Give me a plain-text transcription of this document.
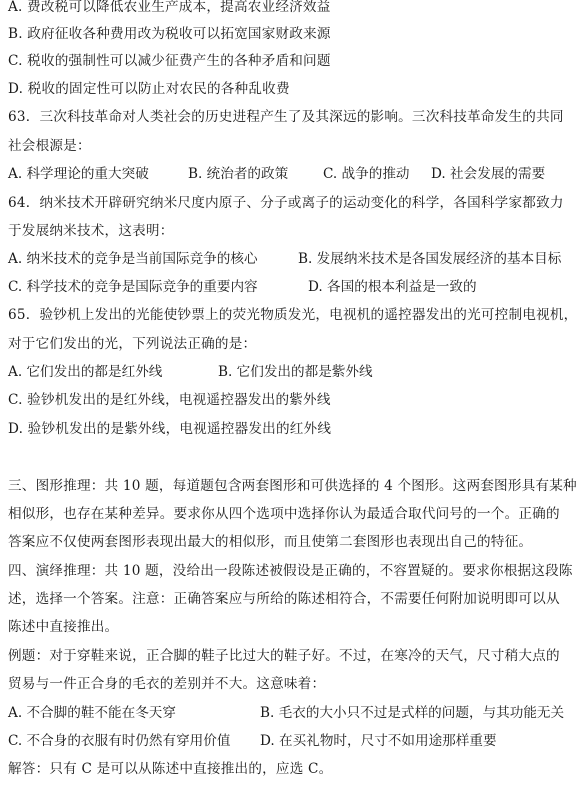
A. 费改税可以降低农业生产成本，提高农业经济效益
B. 政府征收各种费用改为税收可以拓宽国家财政来源
C. 税收的强制性可以减少征费产生的各种矛盾和问题
D. 税收的固定性可以防止对农民的各种乱收费
63．三次科技革命对人类社会的历史进程产生了及其深远的影响。三次科技革命发生的共同
社会根源是：
A. 科学理论的重大突破	B. 统治者的政策	C. 战争的推动 D. 社会发展的需要
64．纳米技术开辟研究纳米尺度内原子、分子或离子的运动变化的科学，各国科学家都致力
于发展纳米技术，这表明：
A. 纳米技术的竞争是当前国际竞争的核心	B. 发展纳米技术是各国发展经济的基本目标
C. 科学技术的竞争是国际竞争的重要内容	D. 各国的根本利益是一致的
65．验钞机上发出的光能使钞票上的荧光物质发光，电视机的遥控器发出的光可控制电视机，
对于它们发出的光，下列说法正确的是：
A. 它们发出的都是红外线	B. 它们发出的都是紫外线
C. 验钞机发出的是红外线，电视遥控器发出的紫外线
D. 验钞机发出的是紫外线，电视遥控器发出的红外线
三、图形推理：共 10 题，每道题包含两套图形和可供选择的 4 个图形。这两套图形具有某种
相似形，也存在某种差异。要求你从四个选项中选择你认为最适合取代问号的一个。正确的
答案应不仅使两套图形表现出最大的相似形，而且使第二套图形也表现出自己的特征。
四、演绎推理：共 10 题，没给出一段陈述被假设是正确的，不容置疑的。要求你根据这段陈
述，选择一个答案。注意：正确答案应与所给的陈述相符合，不需要任何附加说明即可以从
陈述中直接推出。
例题：对于穿鞋来说，正合脚的鞋子比过大的鞋子好。不过，在寒冷的天气，尺寸稍大点的
贸易与一件正合身的毛衣的差别并不大。这意味着：
A. 不合脚的鞋不能在冬天穿	B. 毛衣的大小只不过是式样的问题，与其功能无关
C. 不合身的衣服有时仍然有穿用价值 D. 在买礼物时，尺寸不如用途那样重要
解答：只有 C 是可以从陈述中直接推出的，应选 C。
